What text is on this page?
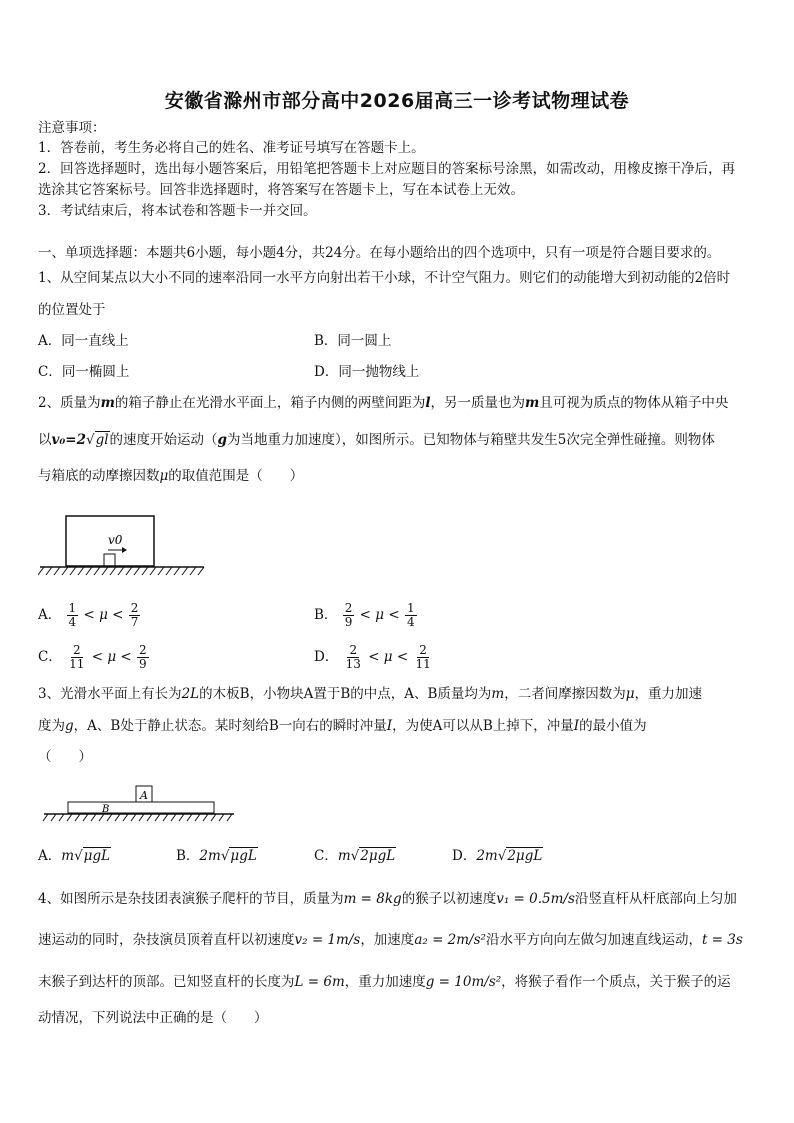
安徽省滁州市部分高中2026届高三一诊考试物理试卷
注意事项：
1．答卷前，考生务必将自己的姓名、准考证号填写在答题卡上。
2．回答选择题时，选出每小题答案后，用铅笔把答题卡上对应题目的答案标号涂黑，如需改动，用橡皮擦干净后，再
选涂其它答案标号。回答非选择题时，将答案写在答题卡上，写在本试卷上无效。
3．考试结束后，将本试卷和答题卡一并交回。
一、单项选择题：本题共6小题，每小题4分，共24分。在每小题给出的四个选项中，只有一项是符合题目要求的。
1、从空间某点以大小不同的速率沿同一水平方向射出若干小球，不计空气阻力。则它们的动能增大到初动能的2倍时
的位置处于
A．同一直线上	B．同一圆上
C．同一椭圆上	D．同一抛物线上
2、质量为m的箱子静止在光滑水平面上，箱子内侧的两壁间距为l，另一质量也为m且可视为质点的物体从箱子中央
以v₀=2√gl的速度开始运动（g为当地重力加速度），如图所示。已知物体与箱壁共发生5次完全弹性碰撞。则物体
与箱底的动摩擦因数μ的取值范围是（　　）
v0
A． $\frac{1}{4} < \mu < \frac{2}{7}$	B． $\frac{2}{9} < \mu < \frac{1}{4}$
C． $\frac{2}{11} < \mu < \frac{2}{9}$	D． $\frac{2}{13} < \mu < \frac{2}{11}$
3、光滑水平面上有长为2L的木板B，小物块A置于B的中点，A、B质量均为m，二者间摩擦因数为μ，重力加速
度为g，A、B处于静止状态。某时刻给B一向右的瞬时冲量I，为使A可以从B上掉下，冲量I的最小值为
（　　）
A
B
A．m√μgL	B．2m√μgL	C．m√2μgL	D．2m√2μgL
4、如图所示是杂技团表演猴子爬杆的节目，质量为m = 8kg的猴子以初速度v₁ = 0.5m/s沿竖直杆从杆底部向上匀加
速运动的同时，杂技演员顶着直杆以初速度v₂ = 1m/s，加速度a₂ = 2m/s²沿水平方向向左做匀加速直线运动，t = 3s
末猴子到达杆的顶部。已知竖直杆的长度为L = 6m，重力加速度g = 10m/s²，将猴子看作一个质点，关于猴子的运
动情况，下列说法中正确的是（　　）
